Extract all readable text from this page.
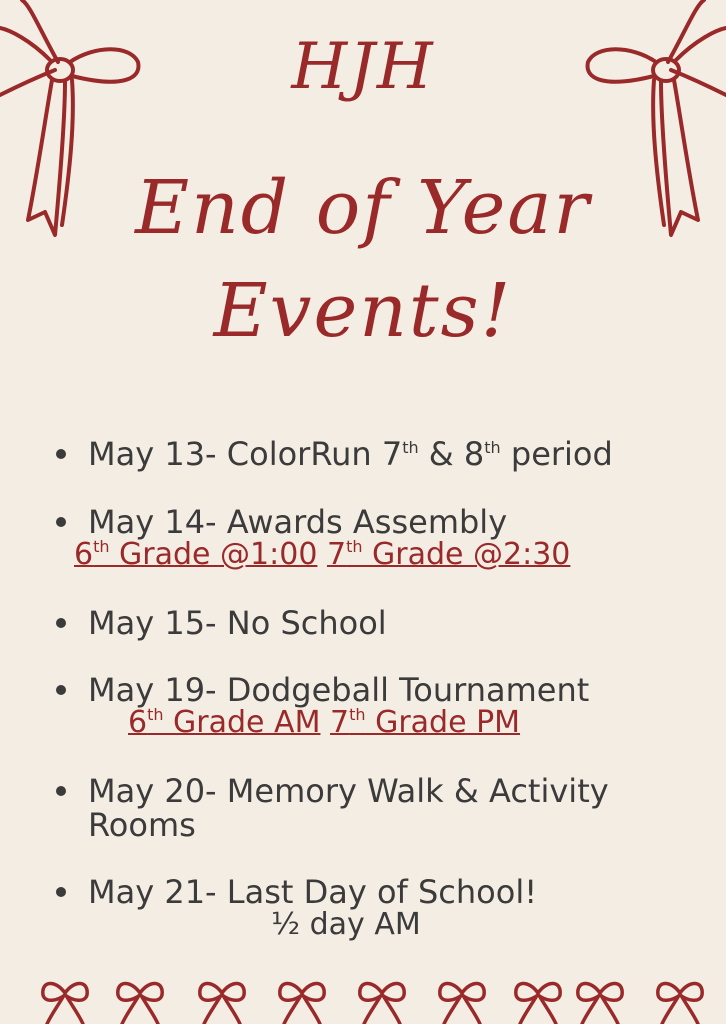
HJH
End of Year
Events!
May 13- ColorRun 7th & 8th period
May 14- Awards Assembly
6th Grade @1:00 7th Grade @2:30
May 15- No School
May 19- Dodgeball Tournament
6th Grade AM 7th Grade PM
May 20- Memory Walk & Activity
Rooms
May 21- Last Day of School!
½ day AM
